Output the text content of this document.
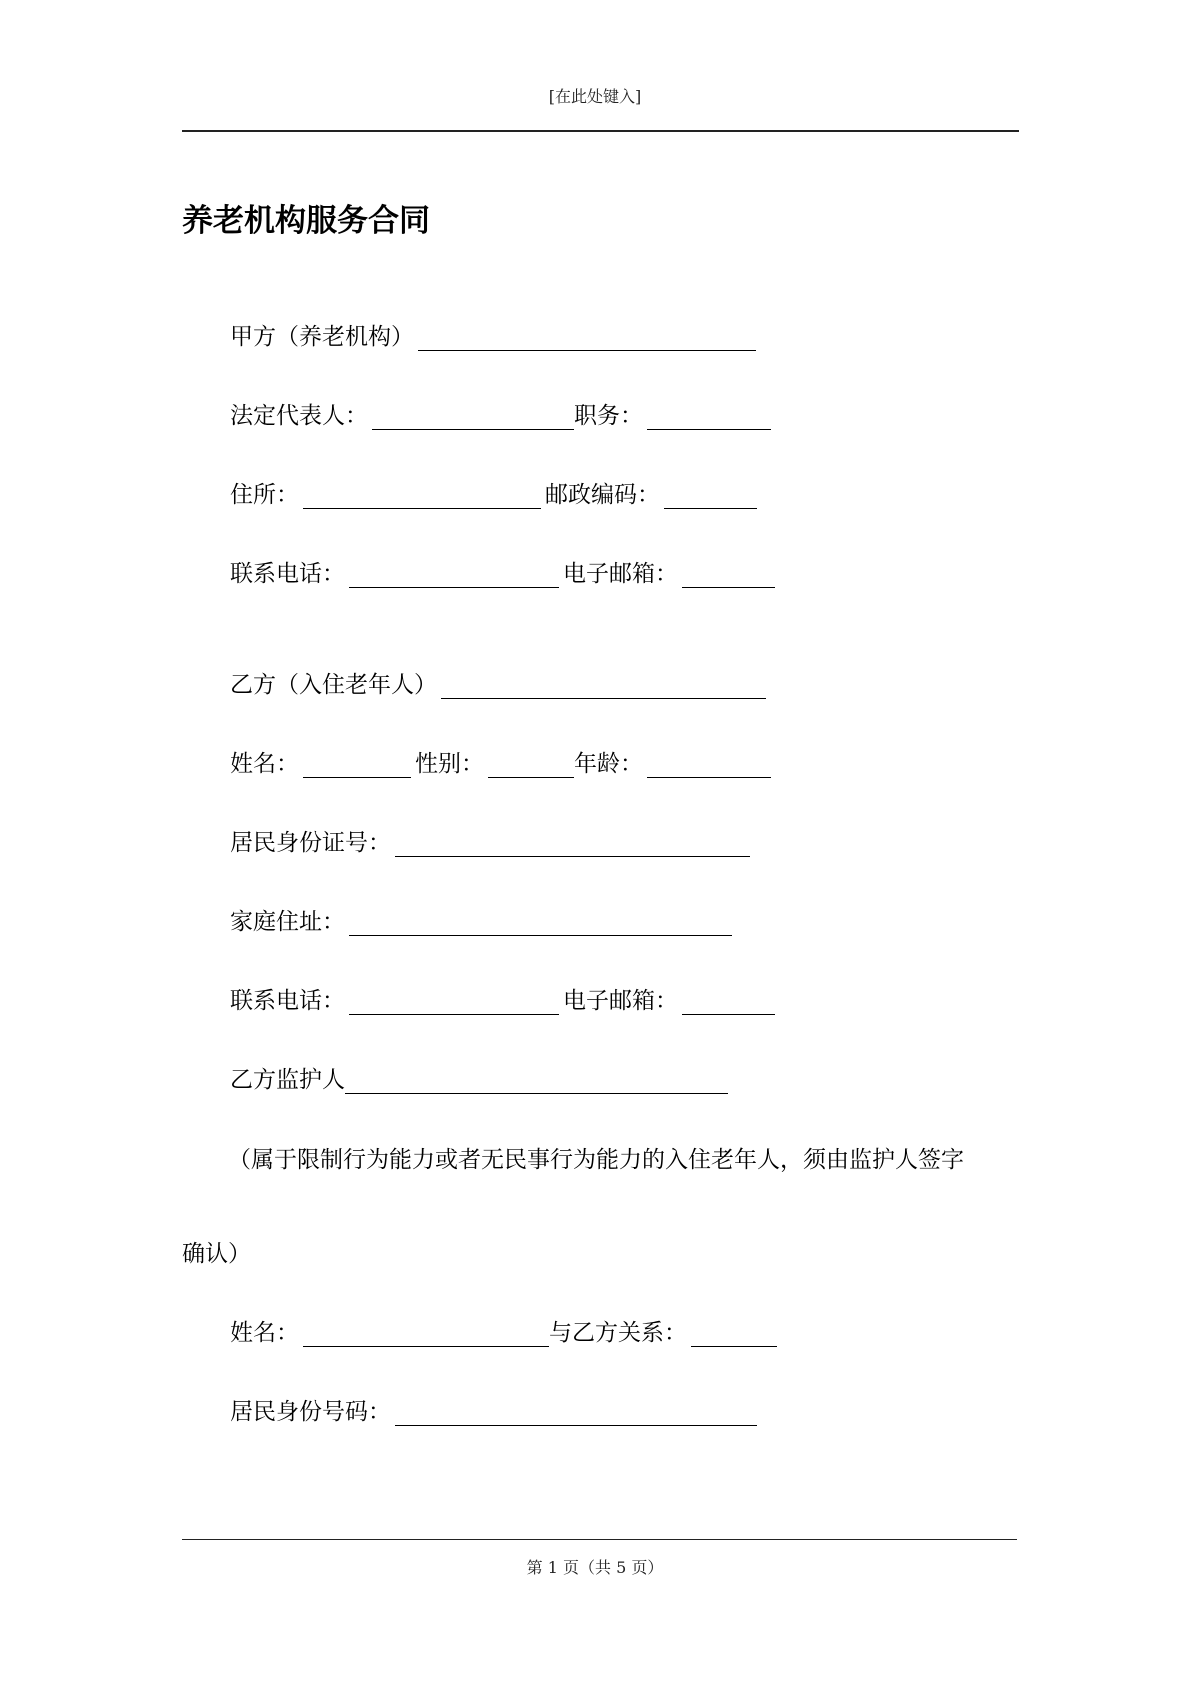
[在此处键入]
养老机构服务合同
甲方（养老机构）
法定代表人：	职务：
住所：	邮政编码：
联系电话：	电子邮箱：
乙方（入住老年人）
姓名：	性别：	年龄：
居民身份证号：
家庭住址：
联系电话：	电子邮箱：
乙方监护人
（属于限制行为能力或者无民事行为能力的入住老年人，须由监护人签字
确认）
姓名：	与乙方关系：
居民身份号码：
第 1 页（共 5 页）
